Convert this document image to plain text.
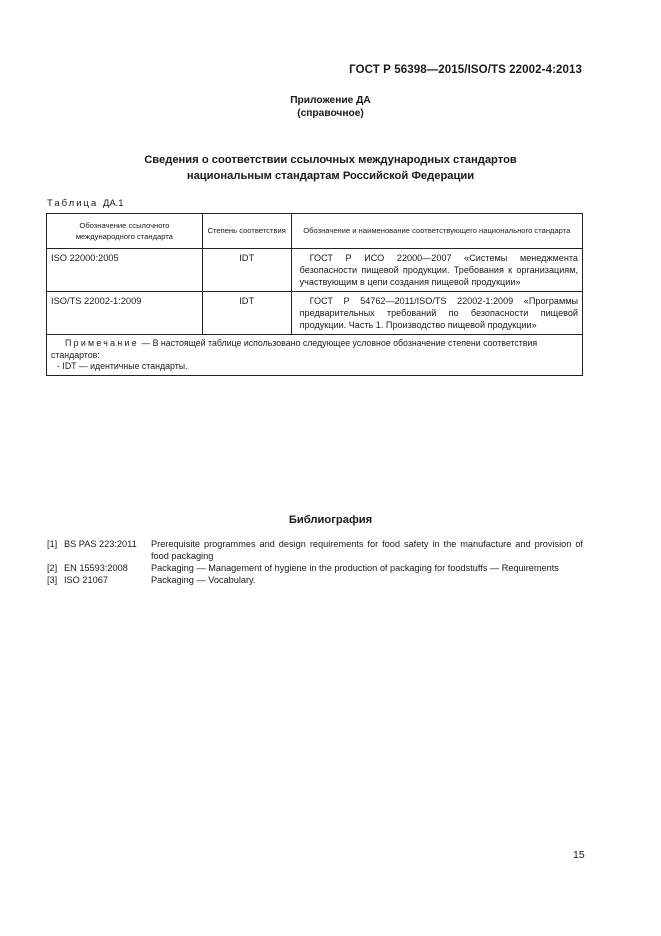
ГОСТ Р 56398—2015/ISO/TS 22002-4:2013
Приложение ДА
(справочное)
Сведения о соответствии ссылочных международных стандартов
национальным стандартам Российской Федерации
Таблица ДА.1
Обозначение ссылочного международного стандарта	Степень соответствия	Обозначение и наименование соответствующего национального стандарта
ISO 22000:2005	IDT	ГОСТ Р ИСО 22000—2007 «Системы менеджмента безопасности пищевой продукции. Требования к организациям, участвующим в цепи создания пищевой продукции»
ISO/TS 22002-1:2009	IDT	ГОСТ Р 54762—2011/ISO/TS 22002-1:2009 «Программы предварительных требований по безопасности пищевой продукции. Часть 1. Производство пищевой продукции»

Примечание — В настоящей таблице использовано следующее условное обозначение степени соответствия стандартов:
- IDT — идентичные стандарты.		
Библиография
[1] BS PAS 223:2011	Prerequisite programmes and design requirements for food safety in the manufacture and provision of food packaging
[2] EN 15593:2008	Packaging — Management of hygiene in the production of packaging for foodstuffs — Requirements
[3] ISO 21067	Packaging — Vocabulary.
15
